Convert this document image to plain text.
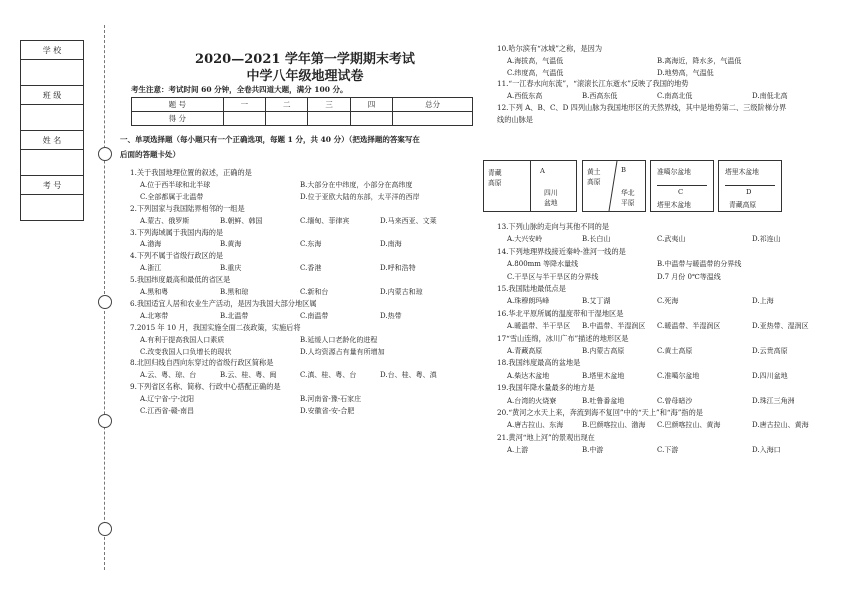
学 校

班 级

姓 名

考 号

2020—2021 学年第一学期期末考试
中学八年级地理试卷
考生注意：考试时间 60 分钟，全卷共四道大题，满分 100 分。
题 号	一	二	三	四	总分
得 分					
一、单项选择题（每小题只有一个正确选项，每题 1 分，共 40 分）（把选择题的答案写在
后面的答题卡处）
1.关于我国地理位置的叙述，正确的是
A.位于西半球和北半球	B.大部分在中纬度，小部分在高纬度
C.全部都属于北温带	D.位于亚欧大陆的东部，太平洋的西岸
2.下列国家与我国陆界相邻的一组是
A.蒙古、俄罗斯	B.朝鲜、韩国	C.缅甸、菲律宾	D.马来西亚、文莱
3.下列海域属于我国内海的是
A.渤海	B.黄海	C.东海	D.南海
4.下列不属于省级行政区的是
A.浙江	B.重庆	C.香港	D.呼和浩特
5.我国纬度最高和最低的省区是
A.黑和粤	B.黑和琼	C.新和台	D.内蒙古和琼
6.我国适宜人居和农业生产活动，是因为我国大部分地区属
A.北寒带	B.北温带	C.南温带	D.热带
7.2015 年 10 月，我国实施全面二孩政策，实施后将
A.有利于提高我国人口素质	B.延缓人口老龄化的进程
C.改变我国人口负增长的现状	D.人均资源占有量有所增加
8.北回归线自西向东穿过的省级行政区简称是
A.云、粤、琼、台	B.云、桂、粤、闽	C.滇、桂、粤、台	D.台、桂、粤、滇
9.下列省区名称、简称、行政中心搭配正确的是
A.辽宁省-宁-沈阳	B.河南省-豫-石家庄
C.江西省-赣-南昌	D.安徽省-安-合肥
10.哈尔滨有“冰城”之称，是因为
A.海拔高，气温低	B.离海近，降水多，气温低
C.纬度高，气温低	D.地势高，气温低
11.“一江春水向东流”，“滚滚长江东逝水”反映了我国的地势
A.西低东高	B.西高东低	C.南高北低	D.南低北高
12.下列 A、B、C、D 四列山脉为我国地形区的天然界线，其中是地势第二、三级阶梯分界
线的山脉是
13.下列山脉的走向与其他不同的是
A.大兴安岭	B.长白山	C.武夷山	D.祁连山
14.下列地理界线接近秦岭-淮河一线的是
A.800mm 等降水量线	B.中温带与暖温带的分界线
C.干旱区与半干旱区的分界线	D.7 月份 0℃等温线
15.我国陆地最低点是
A.珠穆朗玛峰	B.艾丁湖	C.死海	D.上海
16.华北平原所属的温度带和干湿地区是
A.暖温带、半干旱区 B.中温带、半湿润区 C.暖温带、半湿润区	D.亚热带、湿润区
17“雪山连绵，冰川广布”描述的地形区是
A.青藏高原	B.内蒙古高原	C.黄土高原	D.云贵高原
18.我国纬度最高的盆地是
A.柴达木盆地	B.塔里木盆地	C.准噶尔盆地	D.四川盆地
19.我国年降水量最多的地方是
A.台湾的火烧寮	B.吐鲁番盆地	C.曾母暗沙	D.珠江三角洲
20.“黄河之水天上来，奔流到海不复回”中的“天上”和“海”指的是
A.唐古拉山、东海	B.巴颜喀拉山、渤海 C.巴颜喀拉山、黄海	D.唐古拉山、黄海
21.黄河“地上河”的景观出现在
A.上游	B.中游	C.下游	D.入海口
青藏
高原
A
四川
盆地
黄土
高原
B
华北
平原
准噶尔盆地
C
塔里木盆地
塔里木盆地
D
青藏高原
